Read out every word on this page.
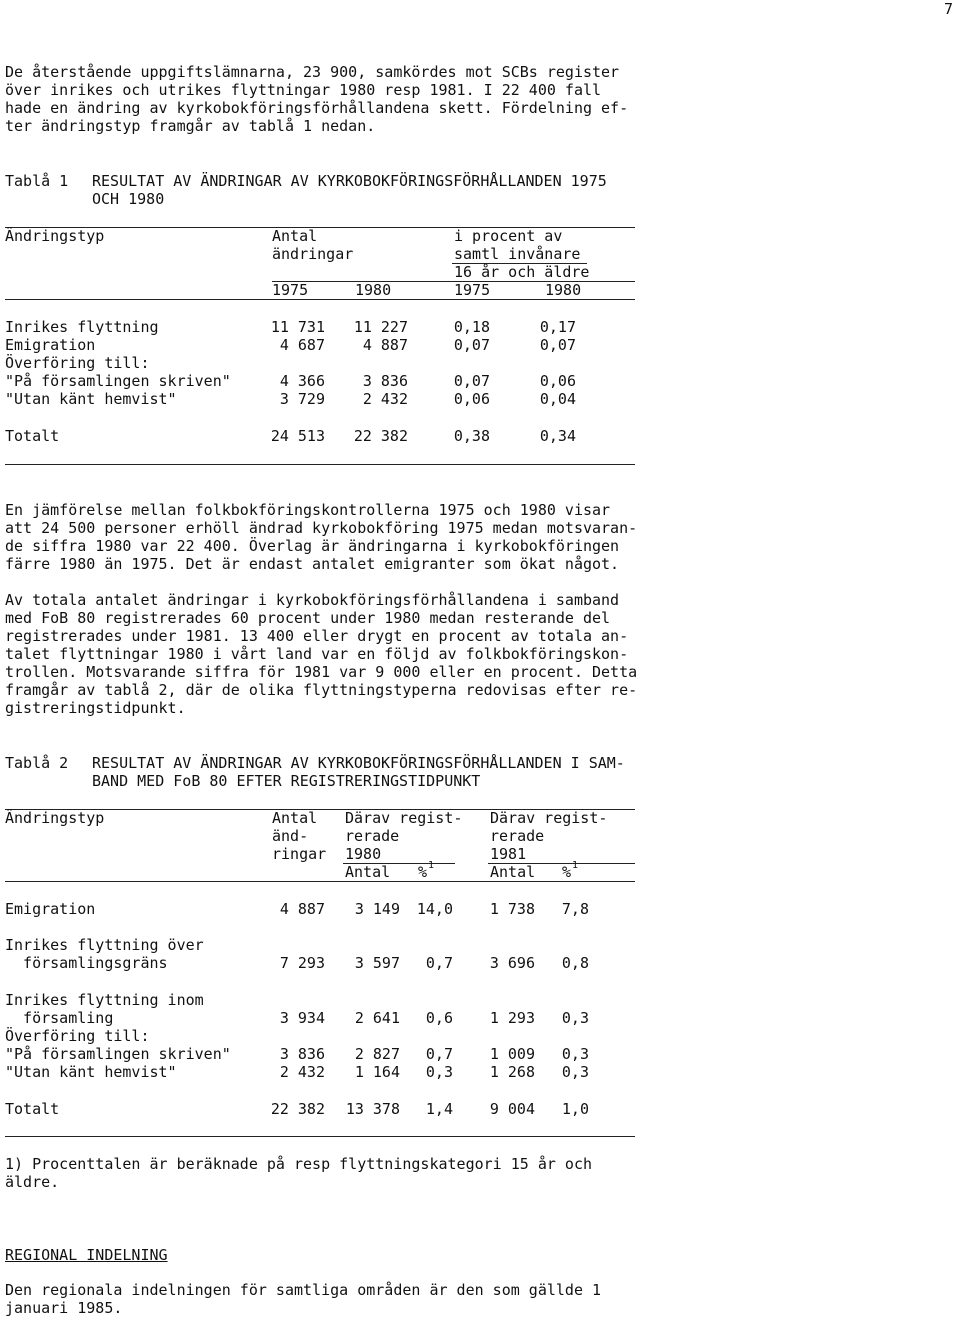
7
De återstående uppgiftslämnarna, 23 900, samkördes mot SCBs register
över inrikes och utrikes flyttningar 1980 resp 1981. I 22 400 fall
hade en ändring av kyrkobokföringsförhållandena skett. Fördelning ef-
ter ändringstyp framgår av tablå 1 nedan.
Tablå 1 RESULTAT AV ÄNDRINGAR AV KYRKOBOKFÖRINGSFÖRHÅLLANDEN 1975
OCH 1980
Ändringstyp	Antal
ändringar
i procent av
samtl invånare
16 år och äldre
1975	1980	1975	1980
Inrikes flyttning	11 731	11 227	0,18	0,17
Emigration	4 687	4 887	0,07	0,07
Överföring till:
"På församlingen skriven"	4 366	3 836	0,07	0,06
"Utan känt hemvist"	3 729	2 432	0,06	0,04
Totalt	24 513	22 382	0,38	0,34
En jämförelse mellan folkbokföringskontrollerna 1975 och 1980 visar
att 24 500 personer erhöll ändrad kyrkobokföring 1975 medan motsvaran-
de siffra 1980 var 22 400. Överlag är ändringarna i kyrkobokföringen
färre 1980 än 1975. Det är endast antalet emigranter som ökat något.
Av totala antalet ändringar i kyrkobokföringsförhållandena i samband
med FoB 80 registrerades 60 procent under 1980 medan resterande del
registrerades under 1981. 13 400 eller drygt en procent av totala an-
talet flyttningar 1980 i vårt land var en följd av folkbokföringskon-
trollen. Motsvarande siffra för 1981 var 9 000 eller en procent. Detta
framgår av tablå 2, där de olika flyttningstyperna redovisas efter re-
gistreringstidpunkt.
Tablå 2 RESULTAT AV ÄNDRINGAR AV KYRKOBOKFÖRINGSFÖRHÅLLANDEN I SAM-
BAND MED FoB 80 EFTER REGISTRERINGSTIDPUNKT
Ändringstyp	Antal
änd-
ringar
Därav regist-
rerade
1980
Därav regist-
rerade
1981
Antal % 1	Antal % 1
Emigration	4 887	3 149	14,0	1 738	7,8
Inrikes flyttning över
församlingsgräns	7 293	3 597	0,7	3 696	0,8
Inrikes flyttning inom
församling	3 934	2 641	0,6	1 293	0,3
Överföring till:
"På församlingen skriven"	3 836	2 827	0,7	1 009	0,3
"Utan känt hemvist"	2 432	1 164	0,3	1 268	0,3
Totalt	22 382	13 378	1,4	9 004	1,0
1) Procenttalen är beräknade på resp flyttningskategori 15 år och
äldre.
REGIONAL INDELNING
Den regionala indelningen för samtliga områden är den som gällde 1
januari 1985.
